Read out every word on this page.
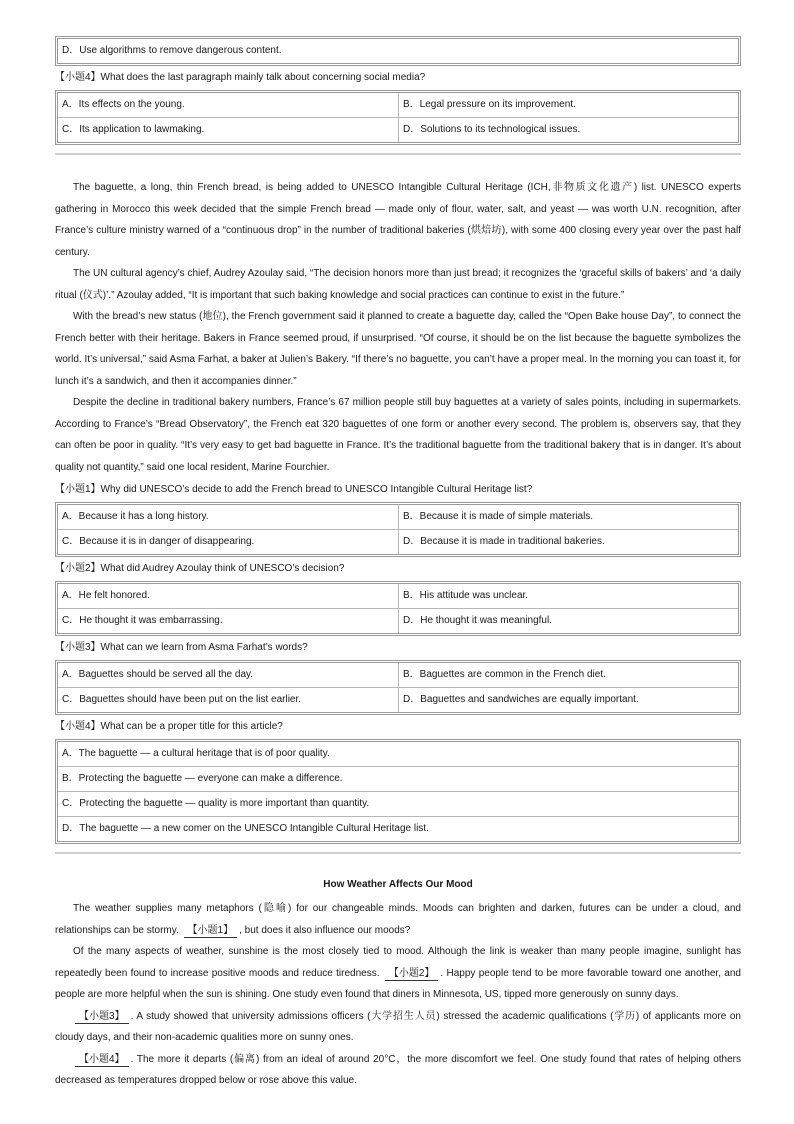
D．Use algorithms to remove dangerous content.
【小题4】What does the last paragraph mainly talk about concerning social media?
A．Its effects on the young.	B．Legal pressure on its improvement.
C．Its application to lawmaking.	D．Solutions to its technological issues.

The baguette, a long, thin French bread, is being added to UNESCO Intangible Cultural Heritage (ICH,非物质文化遗产) list. UNESCO experts gathering in Morocco this week decided that the simple French bread — made only of flour, water, salt, and yeast — was worth U.N. recognition, after France’s culture ministry warned of a “continuous drop” in the number of traditional bakeries (烘焙坊), with some 400 closing every year over the past half century.

The UN cultural agency’s chief, Audrey Azoulay said, “The decision honors more than just bread; it recognizes the ‘graceful skills of bakers’ and ‘a daily ritual (仪式)’.” Azoulay added, “It is important that such baking knowledge and social practices can continue to exist in the future.”

With the bread’s new status (地位), the French government said it planned to create a baguette day, called the “Open Bake house Day”, to connect the French better with their heritage. Bakers in France seemed proud, if unsurprised. “Of course, it should be on the list because the baguette symbolizes the world. It’s universal,” said Asma Farhat, a baker at Julien’s Bakery. “If there’s no baguette, you can’t have a proper meal. In the morning you can toast it, for lunch it’s a sandwich, and then it accompanies dinner.”

Despite the decline in traditional bakery numbers, France’s 67 million people still buy baguettes at a variety of sales points, including in supermarkets. According to France’s “Bread Observatory”, the French eat 320 baguettes of one form or another every second. The problem is, observers say, that they can often be poor in quality. “It’s very easy to get bad baguette in France. It’s the traditional baguette from the traditional bakery that is in danger. It’s about quality not quantity,” said one local resident, Marine Fourchier.

【小题1】Why did UNESCO’s decide to add the French bread to UNESCO Intangible Cultural Heritage list?
A．Because it has a long history.	B．Because it is made of simple materials.
C．Because it is in danger of disappearing.	D．Because it is made in traditional bakeries.
【小题2】What did Audrey Azoulay think of UNESCO’s decision?
A．He felt honored.	B．His attitude was unclear.
C．He thought it was embarrassing.	D．He thought it was meaningful.
【小题3】What can we learn from Asma Farhat’s words?
A．Baguettes should be served all the day.	B．Baguettes are common in the French diet.
C．Baguettes should have been put on the list earlier.	D．Baguettes and sandwiches are equally important.
【小题4】What can be a proper title for this article?
A．The baguette — a cultural heritage that is of poor quality.
B．Protecting the baguette — everyone can make a difference.
C．Protecting the baguette — quality is more important than quantity.
D．The baguette — a new comer on the UNESCO Intangible Cultural Heritage list.
How Weather Affects Our Mood

The weather supplies many metaphors (隐喻) for our changeable minds. Moods can brighten and darken, futures can be under a cloud, and relationships can be stormy. 【小题1】 , but does it also influence our moods?

Of the many aspects of weather, sunshine is the most closely tied to mood. Although the link is weaker than many people imagine, sunlight has repeatedly been found to increase positive moods and reduce tiredness. 【小题2】 . Happy people tend to be more favorable toward one another, and people are more helpful when the sun is shining. One study even found that diners in Minnesota, US, tipped more generously on sunny days.

【小题3】 . A study showed that university admissions officers (大学招生人员) stressed the academic qualifications (学历) of applicants more on cloudy days, and their non-academic qualities more on sunny ones.

【小题4】 . The more it departs (偏离) from an ideal of around 20°C，the more discomfort we feel. One study found that rates of helping others decreased as temperatures dropped below or rose above this value.
